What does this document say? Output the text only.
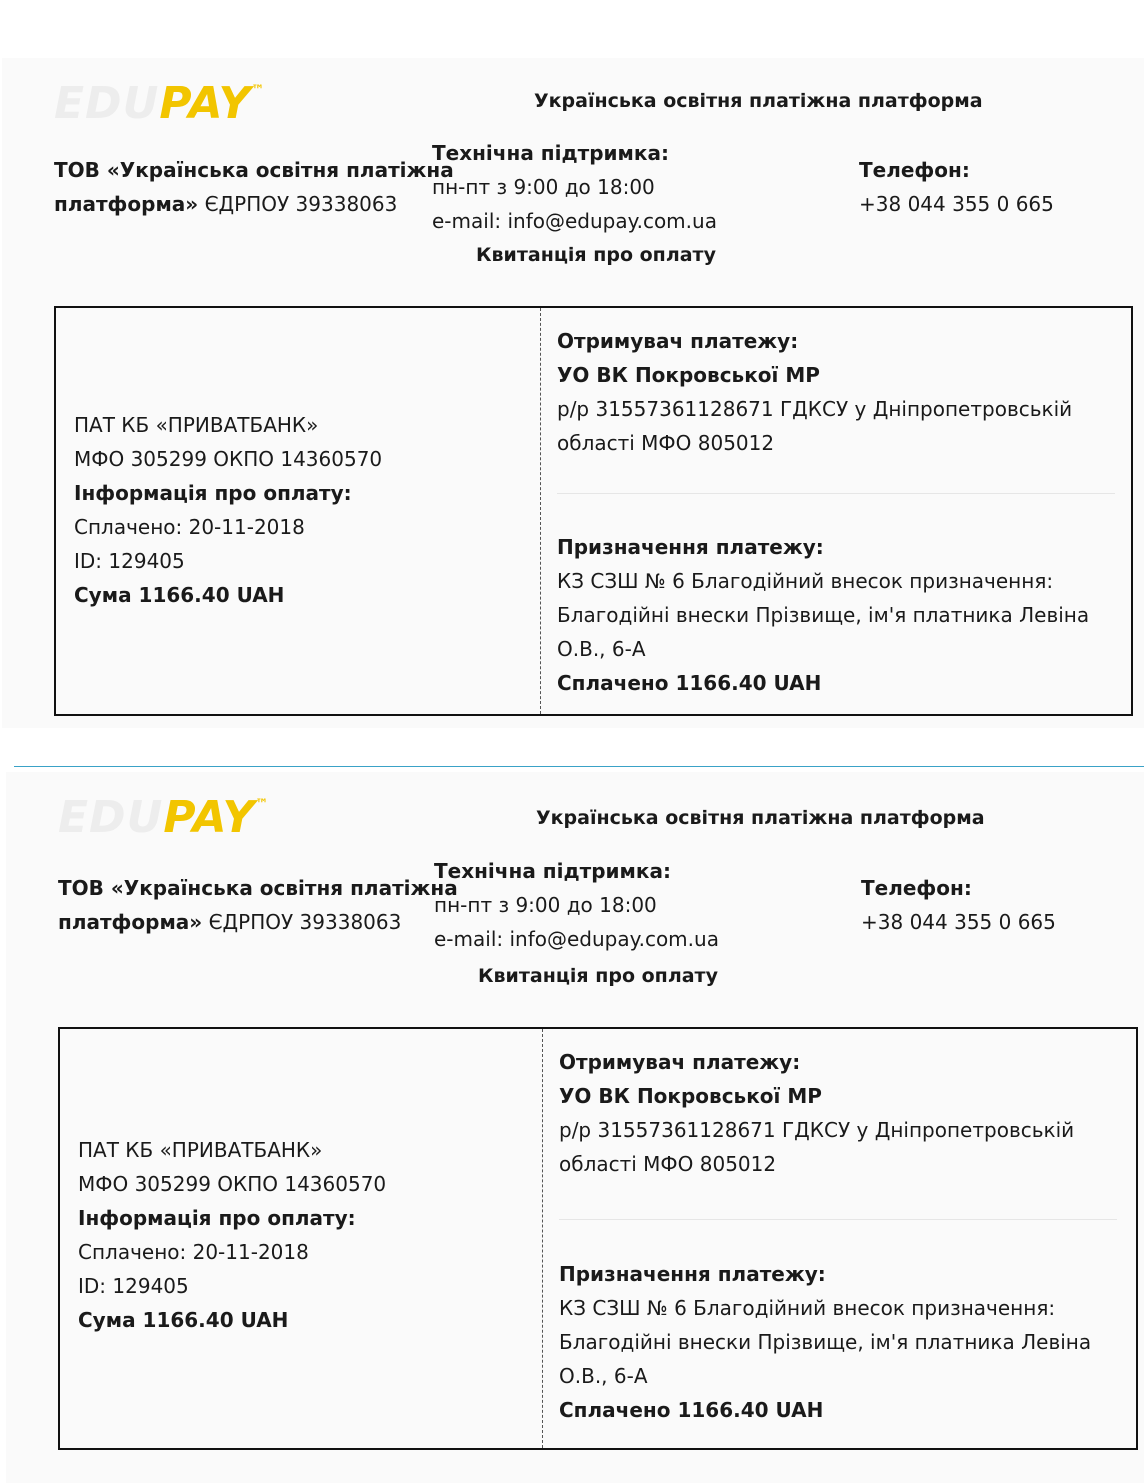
EDUPAY™	Українська освітня платіжна платформа
ТОВ «Українська освітня платіжна
платформа» ЄДРПОУ 39338063
Технічна підтримка:
пн-пт з 9:00 до 18:00
e-mail: info@edupay.com.ua
Телефон:
+38 044 355 0 665
Квитанція про оплату
ПАТ КБ «ПРИВАТБАНК»
МФО 305299 ОКПО 14360570
Інформація про оплату:
Сплачено: 20-11-2018
ID: 129405
Сума 1166.40 UAH
Отримувач платежу:
УО ВК Покровської МР
р/р 31557361128671 ГДКСУ у Дніпропетровській
області МФО 805012
Призначення платежу:
КЗ СЗШ № 6 Благодійний внесок призначення:
Благодійні внески Прізвище, ім'я платника Левіна
О.В., 6-А
Сплачено 1166.40 UAH
EDUPAY™
Українська освітня платіжна платформа
ТОВ «Українська освітня платіжна
платформа» ЄДРПОУ 39338063
Технічна підтримка:
пн-пт з 9:00 до 18:00
e-mail: info@edupay.com.ua
Телефон:
+38 044 355 0 665
Квитанція про оплату
ПАТ КБ «ПРИВАТБАНК»
МФО 305299 ОКПО 14360570
Інформація про оплату:
Сплачено: 20-11-2018
ID: 129405
Сума 1166.40 UAH
Отримувач платежу:
УО ВК Покровської МР
р/р 31557361128671 ГДКСУ у Дніпропетровській
області МФО 805012
Призначення платежу:
КЗ СЗШ № 6 Благодійний внесок призначення:
Благодійні внески Прізвище, ім'я платника Левіна
О.В., 6-А
Сплачено 1166.40 UAH
